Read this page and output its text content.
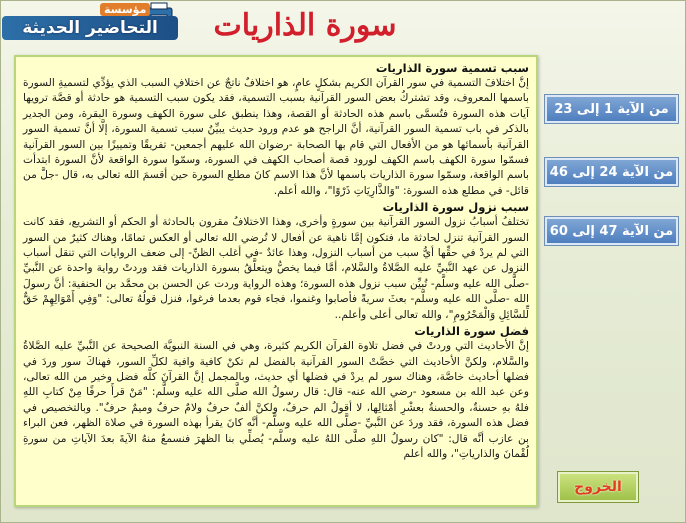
مؤسسة
التحاضير الحديثة	سورة الذاريات
سبب تسمية سورة الذاريات

إنَّ اختلافَ التسمية في سور القرآن الكريم بشكلٍ عامٍ، هو اختلافٌ ناتجٌ عن اختلافِ السبب الذي يؤدِّي لتسميةِ السورة باسمها المعروف، وقد تشتركُ بعض السور القرآنية بسبب التسمية، فقد يكون سبب التسمية هو حادثة أو قصَّة ترويها آيات هذه السورة فتُسمَّى باسم هذه الحادثة أو القصة، وهذا ينطبق على سورة الكهف وسورة البقرة، ومن الجدير بالذكر في باب تسمية السور القرآنية، أنَّ الراجح هو عدم ورود حديث يبيِّنُ سبب تسمية السورة، إلَّا أنَّ تسمية السور القرآنية بأسمائها هو من الأفعال التي قام بها الصحابة -رضوان الله عليهم أجمعين- تفريقًا وتمييزًا بين السور القرآنية فسمّوا سورة الكهف باسم الكهف لورود قصة أصحاب الكهف في السورة، وسمّوا سورة الواقعة لأنَّ السورة ابتدأت باسم الواقعة، وسمّوا سورة الذاريات باسمها لأنَّ هذا الاسم كانَ مطلع السورة حين أقسمَ الله تعالى به، قال -جلَّ من قائل- في مطلع هذه السورة: "وَالذَّارِيَاتِ ذَرْوًا"، والله أعلم.

سبب نزول سورة الذاريات

تختلفُ أسبابُ نزول السور القرآنية بين سورةٍ وأخرى، وهذا الاختلافُ مقرون بالحادثة أو الحكم أو التشريع، فقد كانت السور القرآنية تنزل لحادثة ما، فتكون إمَّا ناهية عن أفعال لا تُرضي الله تعالى أو العكس تمامًا، وهناك كثيرٌ من السور التي لم يردْ في حقِّها أيُّ سبب من أسباب النزول، وهذا عائدٌ -في أغلب الظنِّ- إلى ضعف الروايات التي تنقل أسباب النزول عن عهد النَّبيِّ عليه الصَّلاةُ والسَّلام، أمَّا فيما يخصُّ ويتعلَّقُ بسورة الذاريات فقد وردتْ رواية واحدة عن النَّبيِّ -صلَّى الله عليه وسلَّم- تُبيِّن سبب نزول هذه السورة؛ وهذه الرواية وردت عن الحسن بن محمَّد بن الحنفية: أنَّ رسولَ الله -صلَّى الله عليه وسلَّم- بعثَ سريةً فأصابوا وغنموا، فجاء قوم بعدما فرغوا، فنزل قولُهُ تعالى: "وَفِي أَمْوَالِهِمْ حَقٌّ لِّلسَّائِلِ وَالْمَحْرُومِ"، والله تعالى أعلى وأعلم..

فضل سورة الذاريات

إنَّ الأحاديث التي وردتْ في فضل تلاوة القرآن الكريم كثيرة، وهي في السنة النبويَّة الصحيحة عن النَّبيِّ عليه الصَّلاةُ والسَّلام، ولكنَّ الأحاديث التي خصَّتْ السور القرآنية بالفضل لم تكنْ كافية وافية لكلِّ السور، فهناكَ سور وردَ في فضلها أحاديث خاصَّة، وهناك سور لم يردْ في فضلها أي حديث، وبالمجمل إنَّ القرآنَ كلَّه فضل وخير من الله تعالى، وعن عبد الله بن مسعود -رضي الله عنه- قال: قال رسولُ الله صلَّى الله عليه وسلَّم: "مَنْ قرأَ حرفًا مِنْ كتابِ اللهِ فلهُ بهِ حسنةٌ، والحسنةُ بعشْرِ أمْثالِها، لا أقولُ الم حرفٌ، ولكنَّ ألفٌ حرفٌ ولامٌ حرفٌ وميمٌ حرفٌ". وبالتخصيص في فضل هذه السورة، فقد وردَ عن النَّبيِّ -صلَّى الله عليه وسلَّم- أنَّه كانَ يقرأ بهذه السورة في صلاة الظهر، فعن البراء بن عازب أنَّه قال: "كان رسولُ اللهِ صلَّى اللهُ عليه وسلَّم- يُصلِّي بنا الظهرَ فنسمعُ منهُ الآيةَ بعدَ الآياتِ من سورةِ لُقْمانَ والذارياتِ"، والله أعلم

من الآية 1 إلى 23
من الآية 24 إلى 46
من الآية 47 إلى 60
الخروج
